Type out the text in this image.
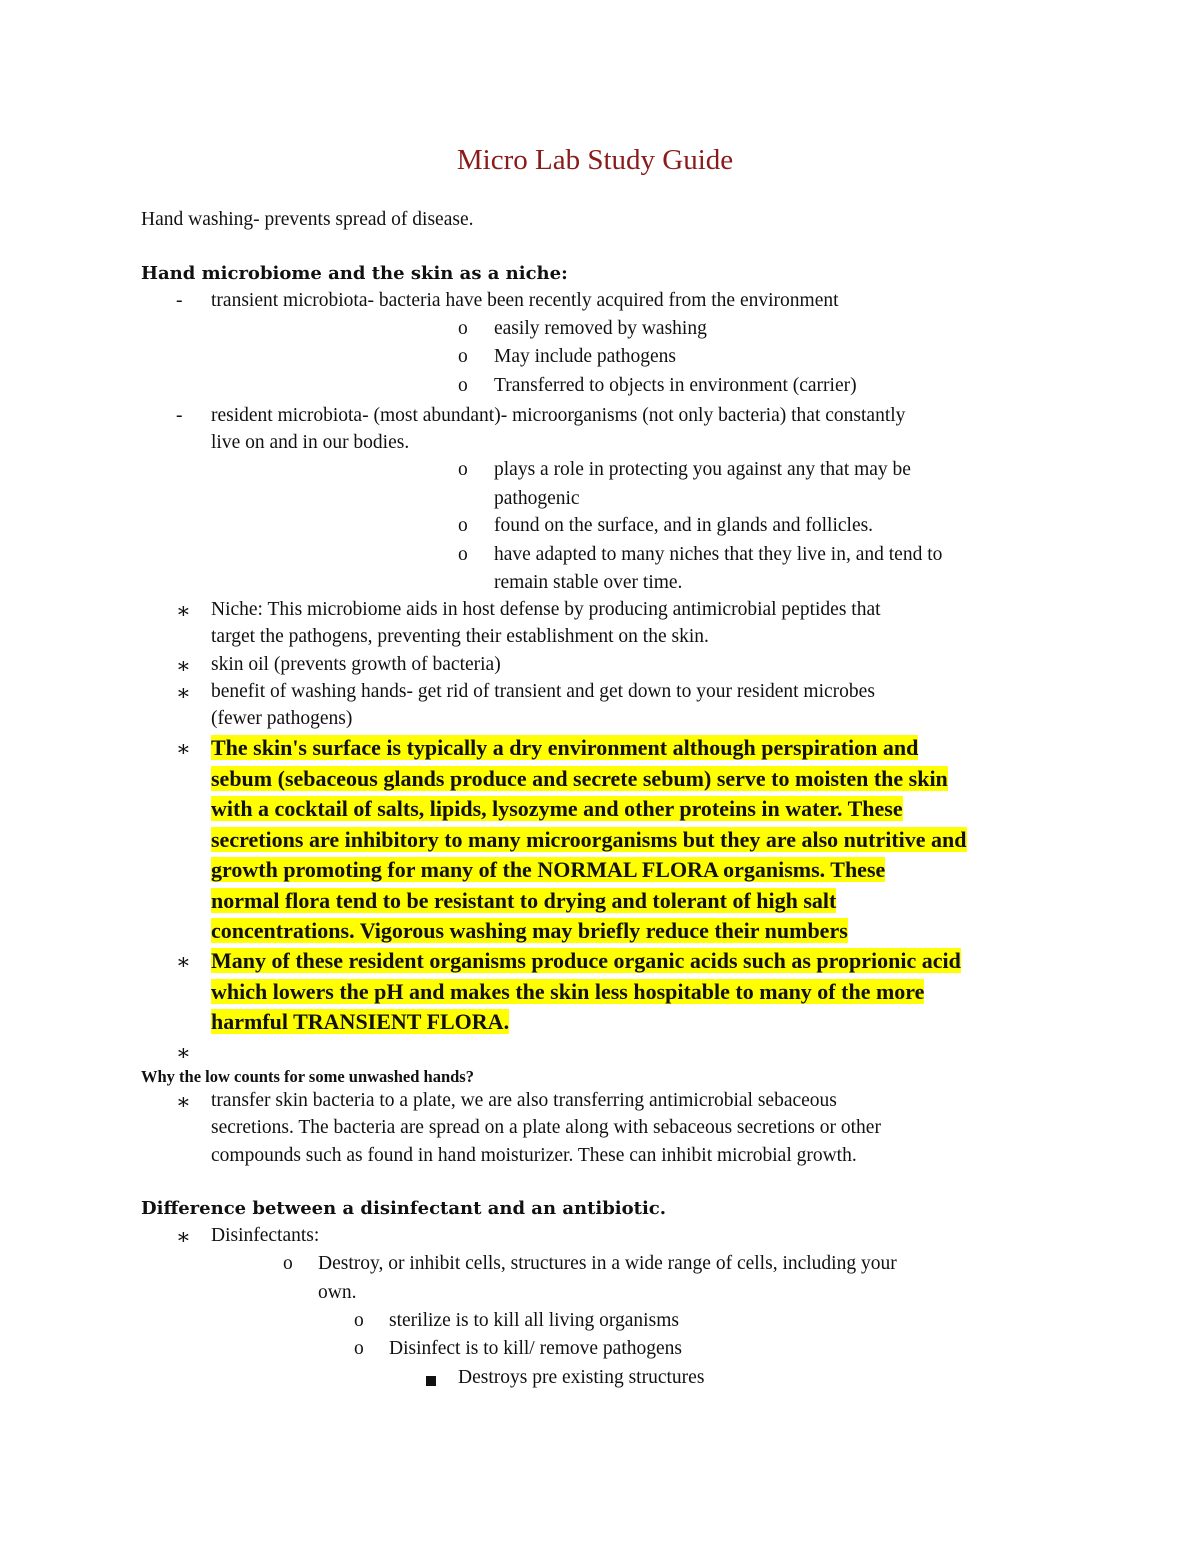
Micro Lab Study Guide
Hand washing- prevents spread of disease.
Hand microbiome and the skin as a niche:
- transient microbiota- bacteria have been recently acquired from the environment
o easily removed by washing
o May include pathogens
o Transferred to objects in environment (carrier)
- resident microbiota- (most abundant)- microorganisms (not only bacteria) that constantly
live on and in our bodies.
o plays a role in protecting you against any that may be
pathogenic
o found on the surface, and in glands and follicles.
o have adapted to many niches that they live in, and tend to
remain stable over time.
∗ Niche: This microbiome aids in host defense by producing antimicrobial peptides that
target the pathogens, preventing their establishment on the skin.
∗ skin oil (prevents growth of bacteria)
∗ benefit of washing hands- get rid of transient and get down to your resident microbes
(fewer pathogens)
∗ The skin's surface is typically a dry environment although perspiration and
sebum (sebaceous glands produce and secrete sebum) serve to moisten the skin
with a cocktail of salts, lipids, lysozyme and other proteins in water. These
secretions are inhibitory to many microorganisms but they are also nutritive and
growth promoting for many of the NORMAL FLORA organisms. These
normal flora tend to be resistant to drying and tolerant of high salt
concentrations. Vigorous washing may briefly reduce their numbers
∗ Many of these resident organisms produce organic acids such as proprionic acid
which lowers the pH and makes the skin less hospitable to many of the more
harmful TRANSIENT FLORA.
∗
Why the low counts for some unwashed hands?
∗ transfer skin bacteria to a plate, we are also transferring antimicrobial sebaceous
secretions. The bacteria are spread on a plate along with sebaceous secretions or other
compounds such as found in hand moisturizer. These can inhibit microbial growth.
Difference between a disinfectant and an antibiotic.
∗ Disinfectants:
o Destroy, or inhibit cells, structures in a wide range of cells, including your
own.
o sterilize is to kill all living organisms
o Disinfect is to kill/ remove pathogens
Destroys pre existing structures
